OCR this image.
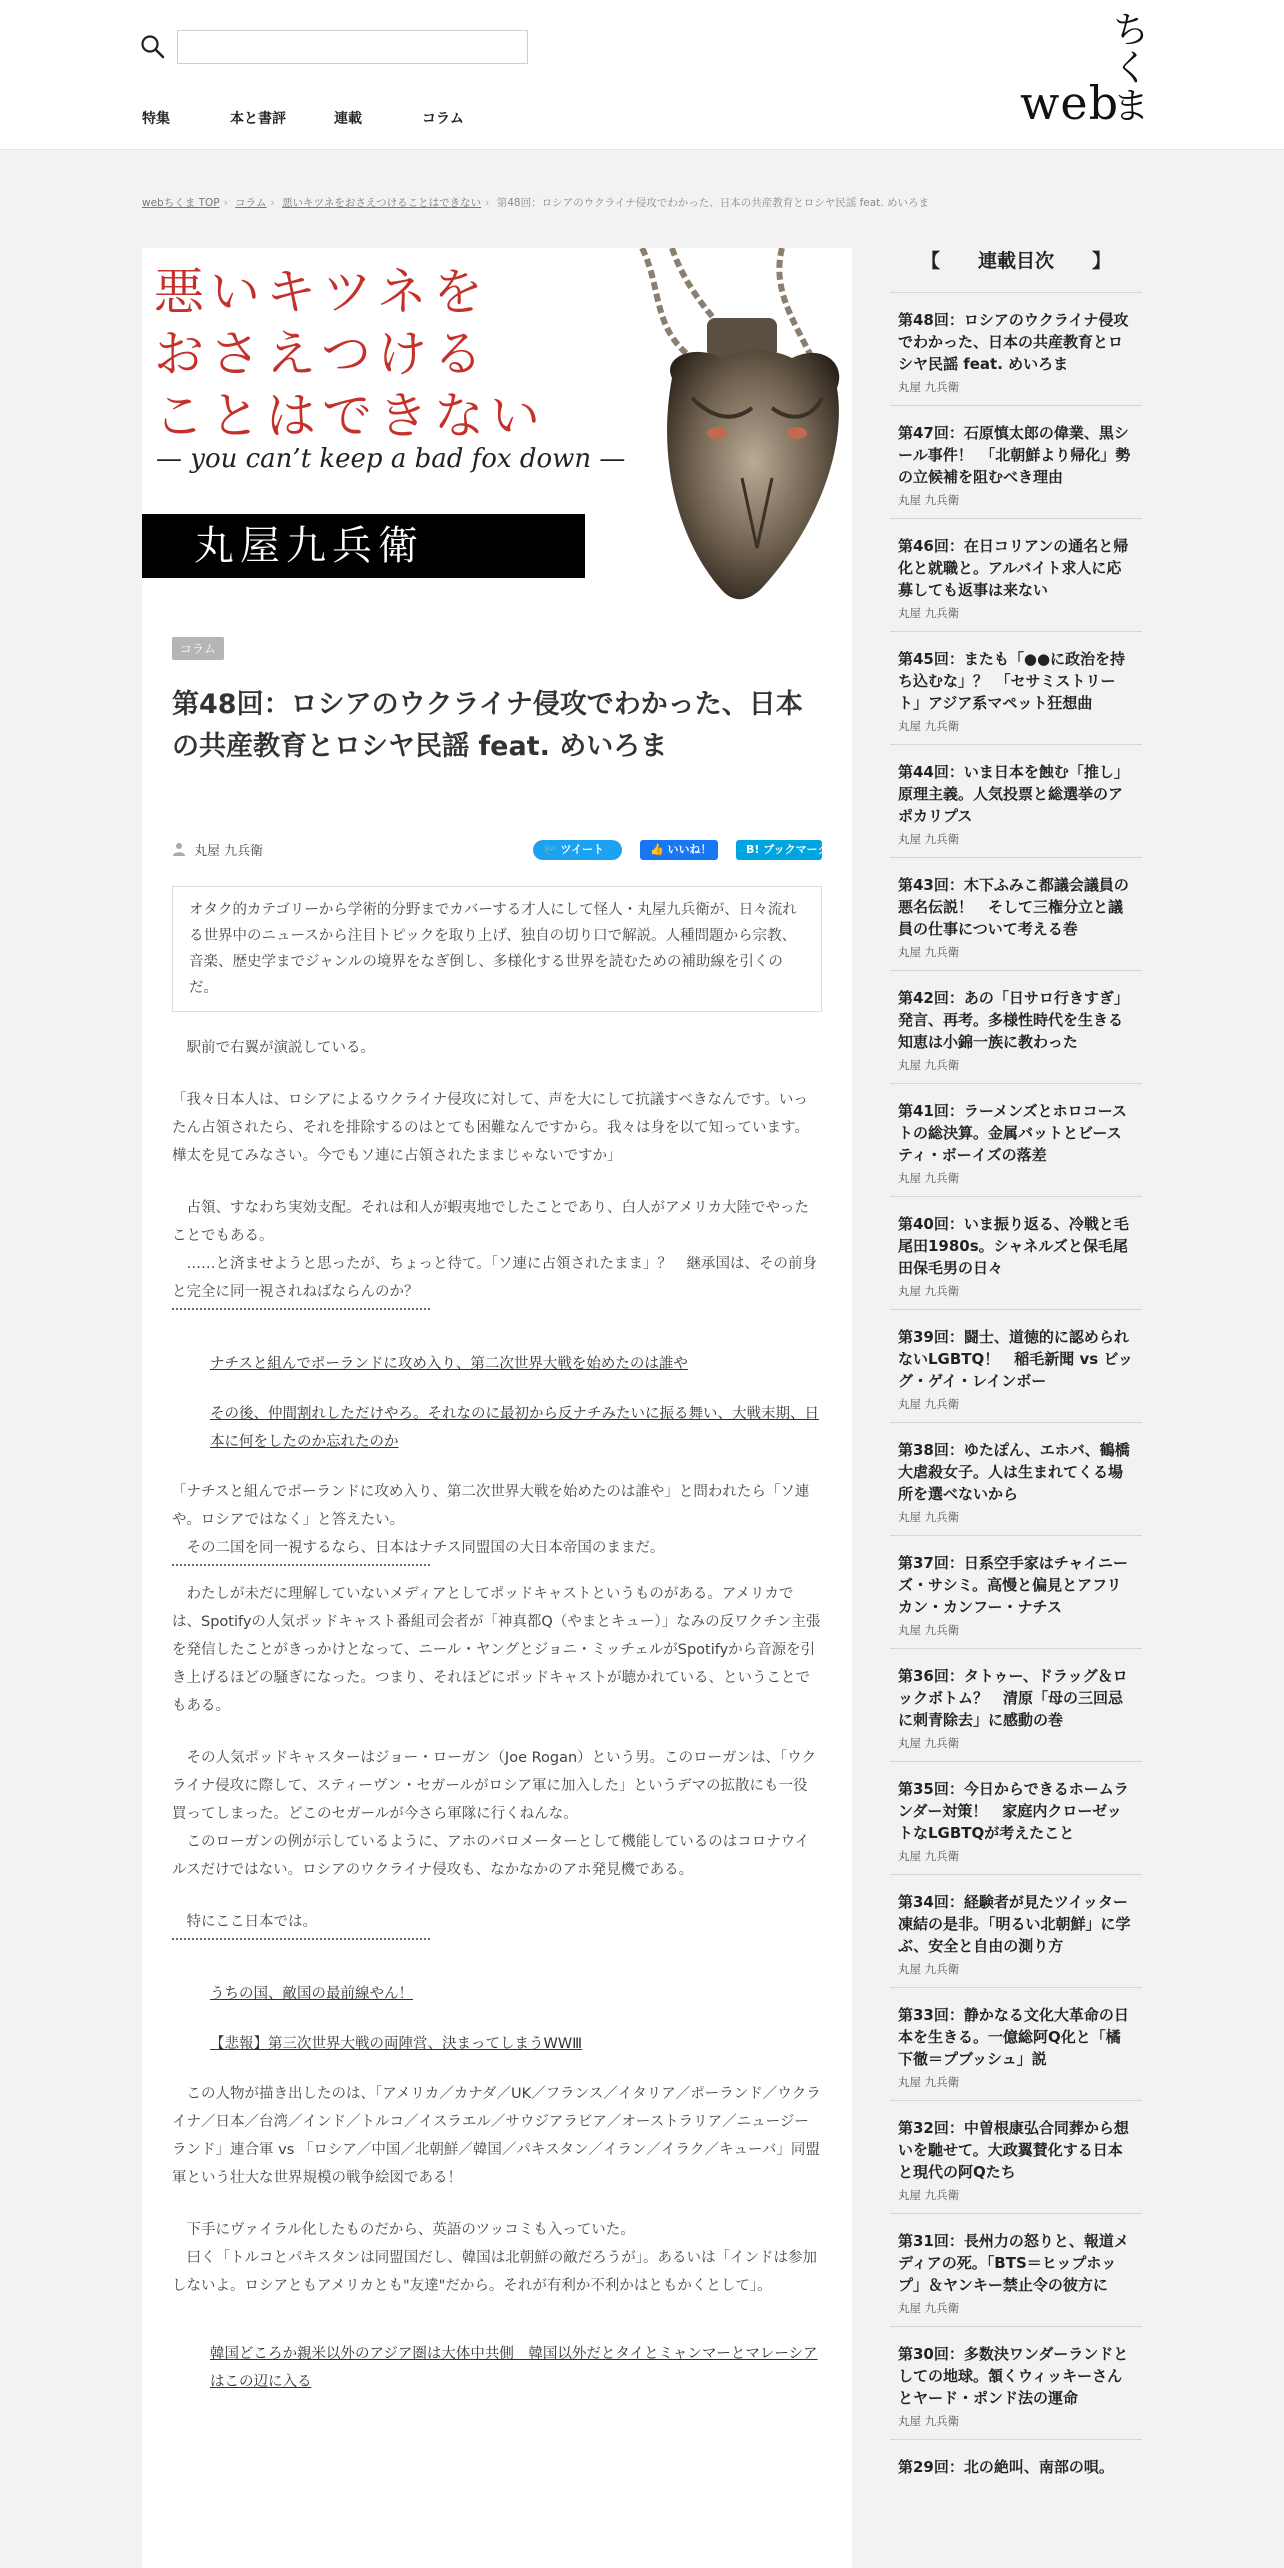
特集	本と書評	連載	コラム	web
ちくま
webちくま TOP › コラム › 悪いキツネをおさえつけることはできない › 第48回：ロシアのウクライナ侵攻でわかった、日本の共産教育とロシヤ民謡 feat. めいろま
悪いキツネを
おさえつける
ことはできない
— you can’t keep a bad fox down —
丸屋九兵衛
コラム
第48回：ロシアのウクライナ侵攻でわかった、日本の共産教育とロシヤ民謡 feat. めいろま
丸屋 九兵衛	🐦 ツイート	👍 いいね！	B! ブックマーク
オタク的カテゴリーから学術的分野までカバーする才人にして怪人・丸屋九兵衛が、日々流れる世界中のニュースから注目トピックを取り上げ、独自の切り口で解説。人種問題から宗教、音楽、歴史学までジャンルの境界をなぎ倒し、多様化する世界を読むための補助線を引くのだ。

　駅前で右翼が演説している。

「我々日本人は、ロシアによるウクライナ侵攻に対して、声を大にして抗議すべきなんです。いったん占領されたら、それを排除するのはとても困難なんですから。我々は身を以て知っています。樺太を見てみなさい。今でもソ連に占領されたままじゃないですか」

　占領、すなわち実効支配。それは和人が蝦夷地でしたことであり、白人がアメリカ大陸でやったことでもある。
　……と済ませようと思ったが、ちょっと待て。「ソ連に占領されたまま」？　継承国は、その前身と完全に同一視されねばならんのか？

ナチスと組んでポーランドに攻め入り、第二次世界大戦を始めたのは誰や

その後、仲間割れしただけやろ。それなのに最初から反ナチみたいに振る舞い、大戦末期、日本に何をしたのか忘れたのか

「ナチスと組んでポーランドに攻め入り、第二次世界大戦を始めたのは誰や」と問われたら「ソ連や。ロシアではなく」と答えたい。
　その二国を同一視するなら、日本はナチス同盟国の大日本帝国のままだ。

　わたしが未だに理解していないメディアとしてポッドキャストというものがある。アメリカでは、Spotifyの人気ポッドキャスト番組司会者が「神真都Q（やまとキュー）」なみの反ワクチン主張を発信したことがきっかけとなって、ニール・ヤングとジョニ・ミッチェルがSpotifyから音源を引き上げるほどの騒ぎになった。つまり、それほどにポッドキャストが聴かれている、ということでもある。

　その人気ポッドキャスターはジョー・ローガン（Joe Rogan）という男。このローガンは、「ウクライナ侵攻に際して、スティーヴン・セガールがロシア軍に加入した」というデマの拡散にも一役買ってしまった。どこのセガールが今さら軍隊に行くねんな。
　このローガンの例が示しているように、アホのバロメーターとして機能しているのはコロナウイルスだけではない。ロシアのウクライナ侵攻も、なかなかのアホ発見機である。

　特にここ日本では。

うちの国、敵国の最前線やん！

【悲報】第三次世界大戦の両陣営、決まってしまうWWⅢ

　この人物が描き出したのは、「アメリカ／カナダ／UK／フランス／イタリア／ポーランド／ウクライナ／日本／台湾／インド／トルコ／イスラエル／サウジアラビア／オーストラリア／ニュージーランド」連合軍 vs 「ロシア／中国／北朝鮮／韓国／パキスタン／イラン／イラク／キューバ」同盟軍という壮大な世界規模の戦争絵図である！

　下手にヴァイラル化したものだから、英語のツッコミも入っていた。
　曰く「トルコとパキスタンは同盟国だし、韓国は北朝鮮の敵だろうが」。あるいは「インドは参加しないよ。ロシアともアメリカとも"友達"だから。それが有利か不利かはともかくとして」。

韓国どころか親米以外のアジア圏は大体中共側　韓国以外だとタイとミャンマーとマレーシアはこの辺に入る

【　　連載目次　　】
第48回：ロシアのウクライナ侵攻でわかった、日本の共産教育とロシヤ民謡 feat. めいろま
丸屋 九兵衛
第47回：石原慎太郎の偉業、黒シール事件！　「北朝鮮より帰化」勢の立候補を阻むべき理由
丸屋 九兵衛
第46回：在日コリアンの通名と帰化と就職と。アルバイト求人に応募しても返事は来ない
丸屋 九兵衛
第45回：またも「●●に政治を持ち込むな」？　「セサミストリート」アジア系マペット狂想曲
丸屋 九兵衛
第44回：いま日本を蝕む「推し」原理主義。人気投票と総選挙のアポカリプス
丸屋 九兵衛
第43回：木下ふみこ都議会議員の悪名伝説！　そして三権分立と議員の仕事について考える巻
丸屋 九兵衛
第42回：あの「日サロ行きすぎ」発言、再考。多様性時代を生きる知恵は小錦一族に教わった
丸屋 九兵衛
第41回：ラーメンズとホロコーストの総決算。金属バットとビースティ・ボーイズの落差
丸屋 九兵衛
第40回：いま振り返る、冷戦と毛尾田1980s。シャネルズと保毛尾田保毛男の日々
丸屋 九兵衛
第39回：闘士、道徳的に認められないLGBTQ！　稲毛新聞 vs ビッグ・ゲイ・レインボー
丸屋 九兵衛
第38回：ゆたぽん、エホバ、鶴橋大虐殺女子。人は生まれてくる場所を選べないから
丸屋 九兵衛
第37回：日系空手家はチャイニーズ・サシミ。高慢と偏見とアフリカン・カンフー・ナチス
丸屋 九兵衛
第36回：タトゥー、ドラッグ＆ロックボトム？　清原「母の三回忌に刺青除去」に感動の巻
丸屋 九兵衛
第35回：今日からできるホームランダー対策！　家庭内クローゼットなLGBTQが考えたこと
丸屋 九兵衛
第34回：経験者が見たツイッター凍結の是非。「明るい北朝鮮」に学ぶ、安全と自由の測り方
丸屋 九兵衛
第33回：静かなる文化大革命の日本を生きる。一億総阿Q化と「橘下徹＝プブッシュ」説
丸屋 九兵衛
第32回：中曽根康弘合同葬から想いを馳せて。大政翼賛化する日本と現代の阿Qたち
丸屋 九兵衛
第31回：長州力の怒りと、報道メディアの死。「BTS＝ヒップホップ」＆ヤンキー禁止令の彼方に
丸屋 九兵衛
第30回：多数決ワンダーランドとしての地球。頷くウィッキーさんとヤード・ポンド法の運命
丸屋 九兵衛
第29回：北の絶叫、南部の唄。
